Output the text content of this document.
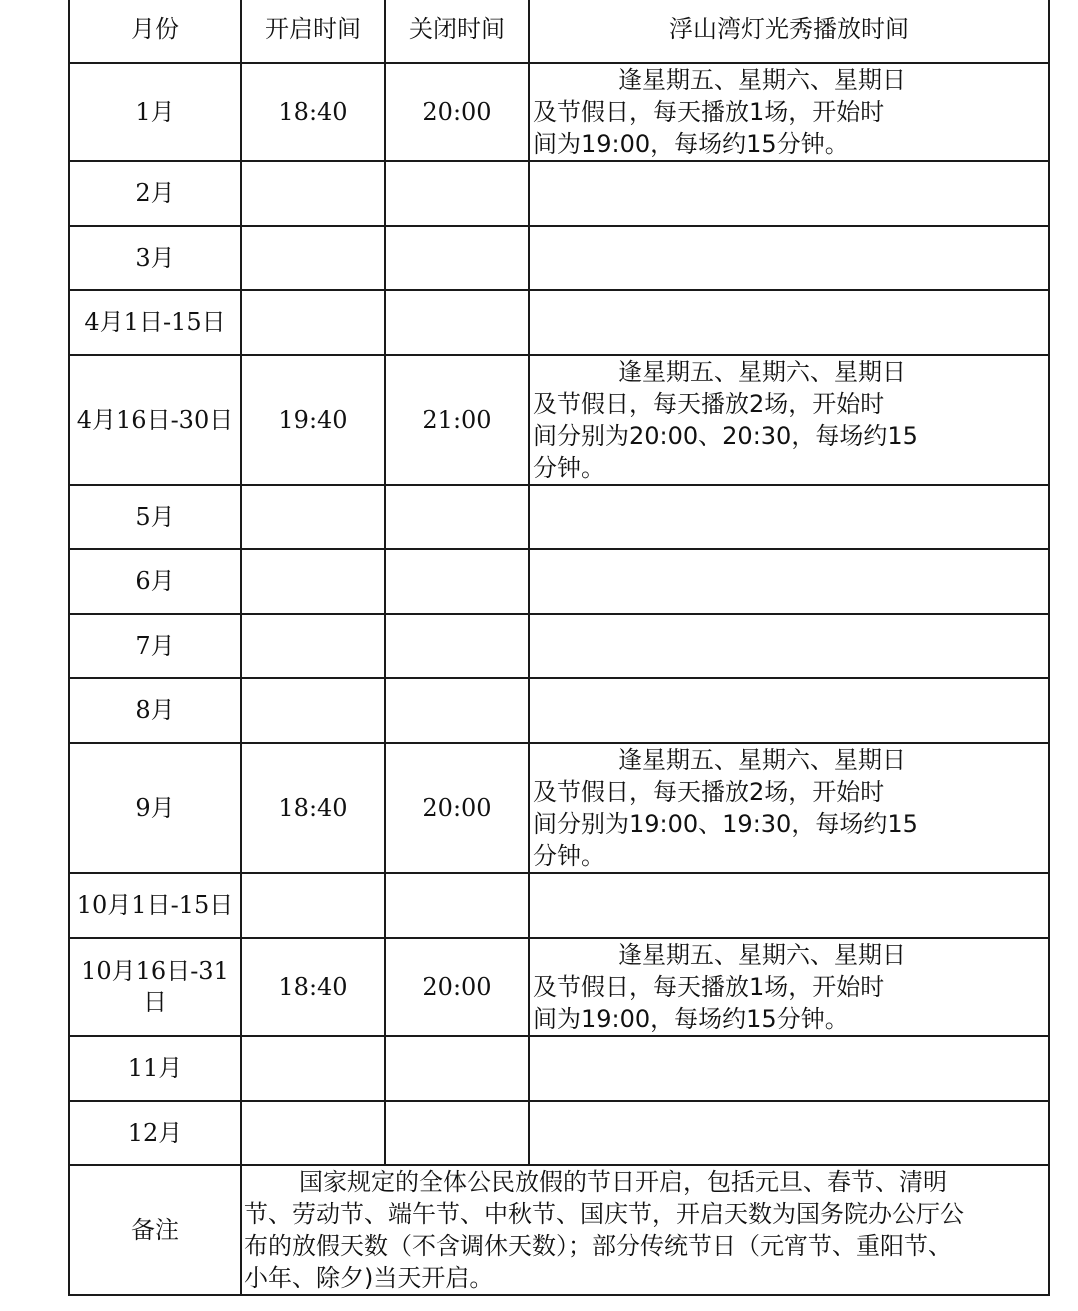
月份	开启时间	关闭时间	浮山湾灯光秀播放时间
1月	18:40	20:00	逢星期五、星期六、星期日
及节假日，每天播放1场，开始时
间为19:00，每场约15分钟。

2月			
3月			
4月1日-15日			
4月16日-30日	19:40	21:00	逢星期五、星期六、星期日
及节假日，每天播放2场，开始时
间分别为20:00、20:30，每场约15
分钟。

5月			
6月			
7月			
8月			
9月	18:40	20:00	逢星期五、星期六、星期日
及节假日，每天播放2场，开始时
间分别为19:00、19:30，每场约15
分钟。

10月1日-15日			
10月16日-31日	18:40	20:00	逢星期五、星期六、星期日
及节假日，每天播放1场，开始时
间为19:00，每场约15分钟。

11月			
12月			
备注	国家规定的全体公民放假的节日开启，包括元旦、春节、清明
节、劳动节、端午节、中秋节、国庆节，开启天数为国务院办公厅公
布的放假天数（不含调休天数）；部分传统节日（元宵节、重阳节、
小年、除夕)当天开启。		
